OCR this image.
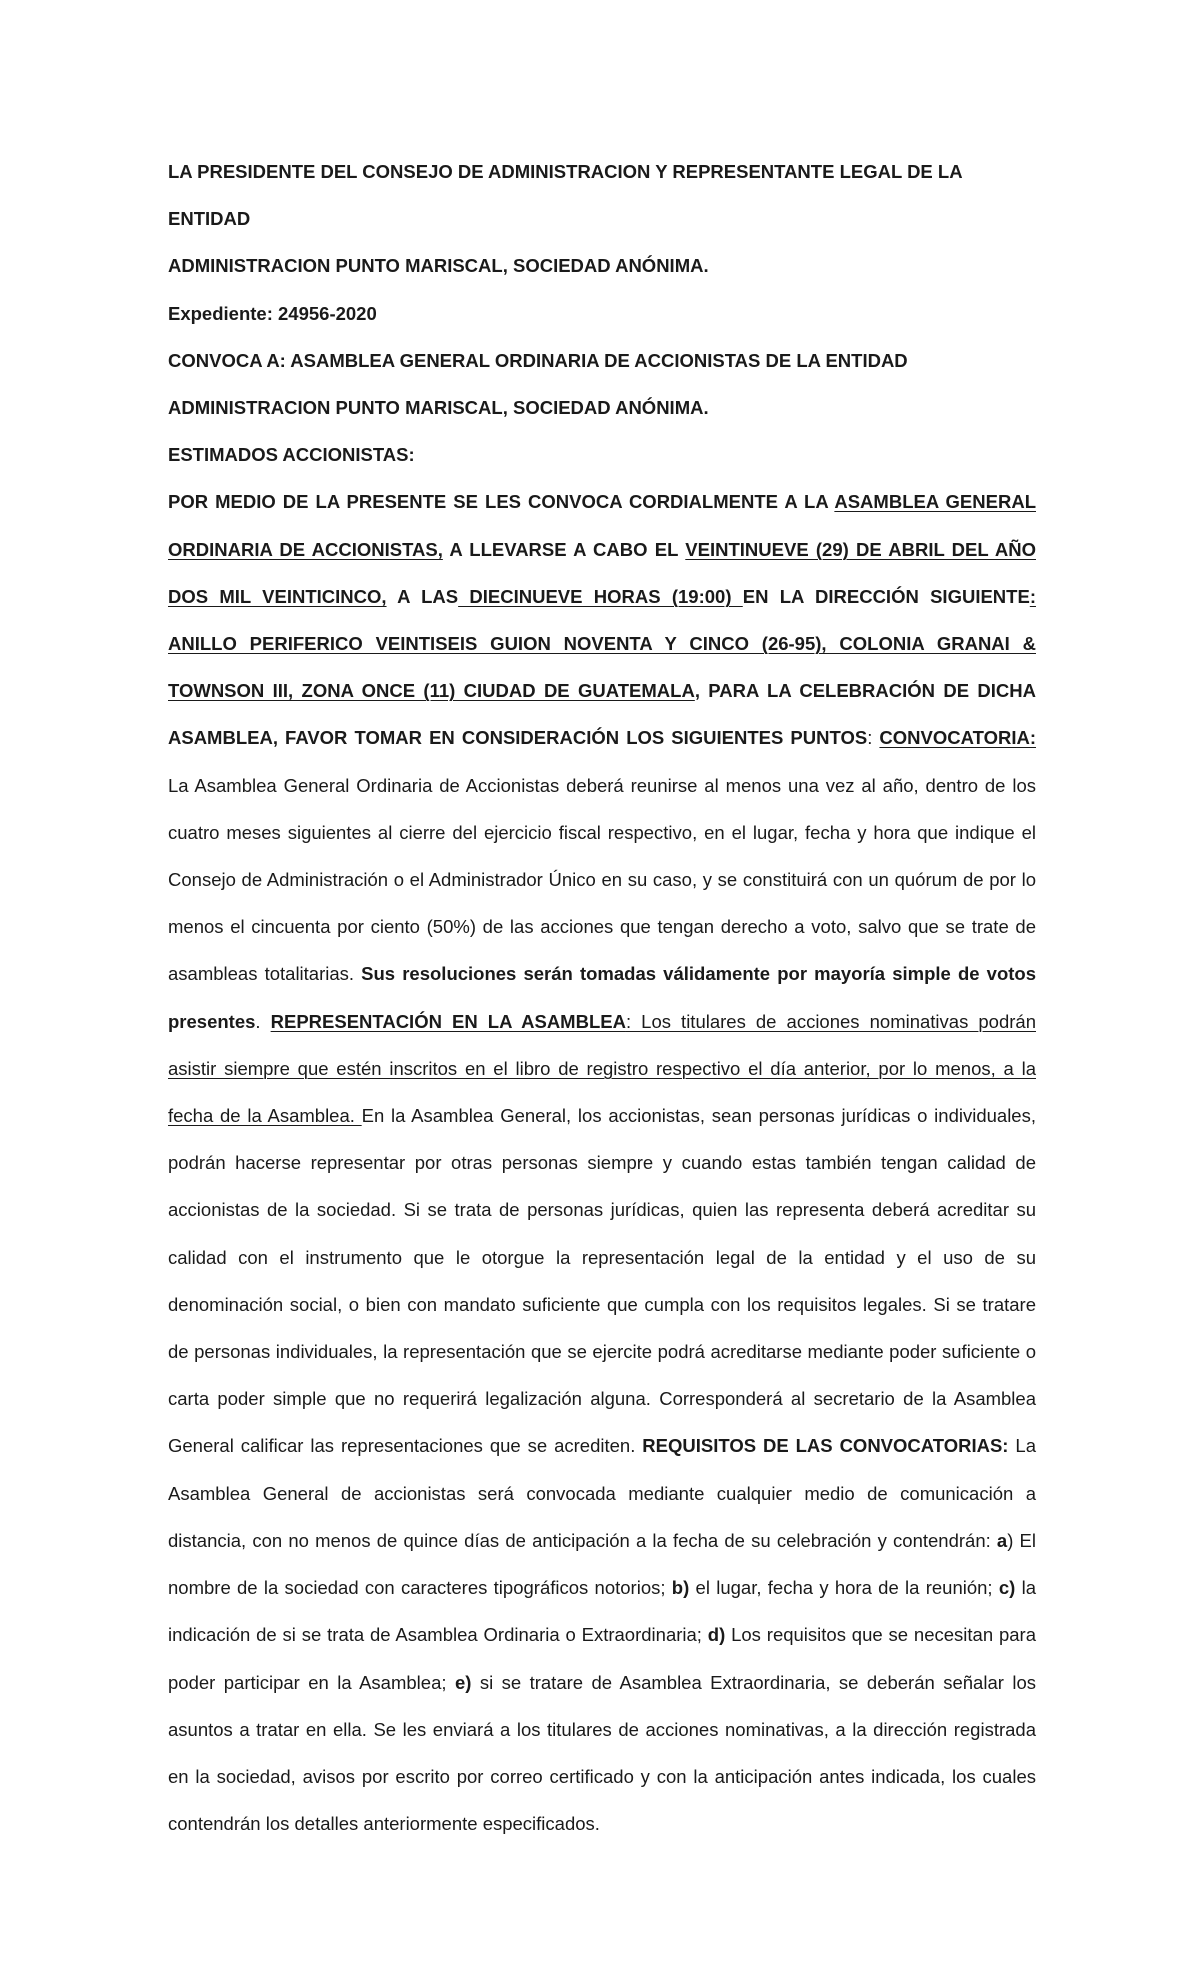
LA PRESIDENTE DEL CONSEJO DE ADMINISTRACION Y REPRESENTANTE LEGAL DE LA ENTIDAD

ADMINISTRACION PUNTO MARISCAL, SOCIEDAD ANÓNIMA.

Expediente: 24956-2020

CONVOCA A: ASAMBLEA GENERAL ORDINARIA DE ACCIONISTAS DE LA ENTIDAD

ADMINISTRACION PUNTO MARISCAL, SOCIEDAD ANÓNIMA.

ESTIMADOS ACCIONISTAS:

POR MEDIO DE LA PRESENTE SE LES CONVOCA CORDIALMENTE A LA ASAMBLEA GENERAL ORDINARIA DE ACCIONISTAS, A LLEVARSE A CABO EL VEINTINUEVE (29) DE ABRIL DEL AÑO DOS MIL VEINTICINCO, A LAS DIECINUEVE HORAS (19:00) EN LA DIRECCIÓN SIGUIENTE: ANILLO PERIFERICO VEINTISEIS GUION NOVENTA Y CINCO (26-95), COLONIA GRANAI & TOWNSON III, ZONA ONCE (11) CIUDAD DE GUATEMALA, PARA LA CELEBRACIÓN DE DICHA ASAMBLEA, FAVOR TOMAR EN CONSIDERACIÓN LOS SIGUIENTES PUNTOS: CONVOCATORIA: La Asamblea General Ordinaria de Accionistas deberá reunirse al menos una vez al año, dentro de los cuatro meses siguientes al cierre del ejercicio fiscal respectivo, en el lugar, fecha y hora que indique el Consejo de Administración o el Administrador Único en su caso, y se constituirá con un quórum de por lo menos el cincuenta por ciento (50%) de las acciones que tengan derecho a voto, salvo que se trate de asambleas totalitarias. Sus resoluciones serán tomadas válidamente por mayoría simple de votos presentes. REPRESENTACIÓN EN LA ASAMBLEA: Los titulares de acciones nominativas podrán asistir siempre que estén inscritos en el libro de registro respectivo el día anterior, por lo menos, a la fecha de la Asamblea. En la Asamblea General, los accionistas, sean personas jurídicas o individuales, podrán hacerse representar por otras personas siempre y cuando estas también tengan calidad de accionistas de la sociedad. Si se trata de personas jurídicas, quien las representa deberá acreditar su calidad con el instrumento que le otorgue la representación legal de la entidad y el uso de su denominación social, o bien con mandato suficiente que cumpla con los requisitos legales. Si se tratare de personas individuales, la representación que se ejercite podrá acreditarse mediante poder suficiente o carta poder simple que no requerirá legalización alguna. Corresponderá al secretario de la Asamblea General calificar las representaciones que se acrediten. REQUISITOS DE LAS CONVOCATORIAS: La Asamblea General de accionistas será convocada mediante cualquier medio de comunicación a distancia, con no menos de quince días de anticipación a la fecha de su celebración y contendrán: a) El nombre de la sociedad con caracteres tipográficos notorios; b) el lugar, fecha y hora de la reunión; c) la indicación de si se trata de Asamblea Ordinaria o Extraordinaria; d) Los requisitos que se necesitan para poder participar en la Asamblea; e) si se tratare de Asamblea Extraordinaria, se deberán señalar los asuntos a tratar en ella. Se les enviará a los titulares de acciones nominativas, a la dirección registrada en la sociedad, avisos por escrito por correo certificado y con la anticipación antes indicada, los cuales contendrán los detalles anteriormente especificados.
